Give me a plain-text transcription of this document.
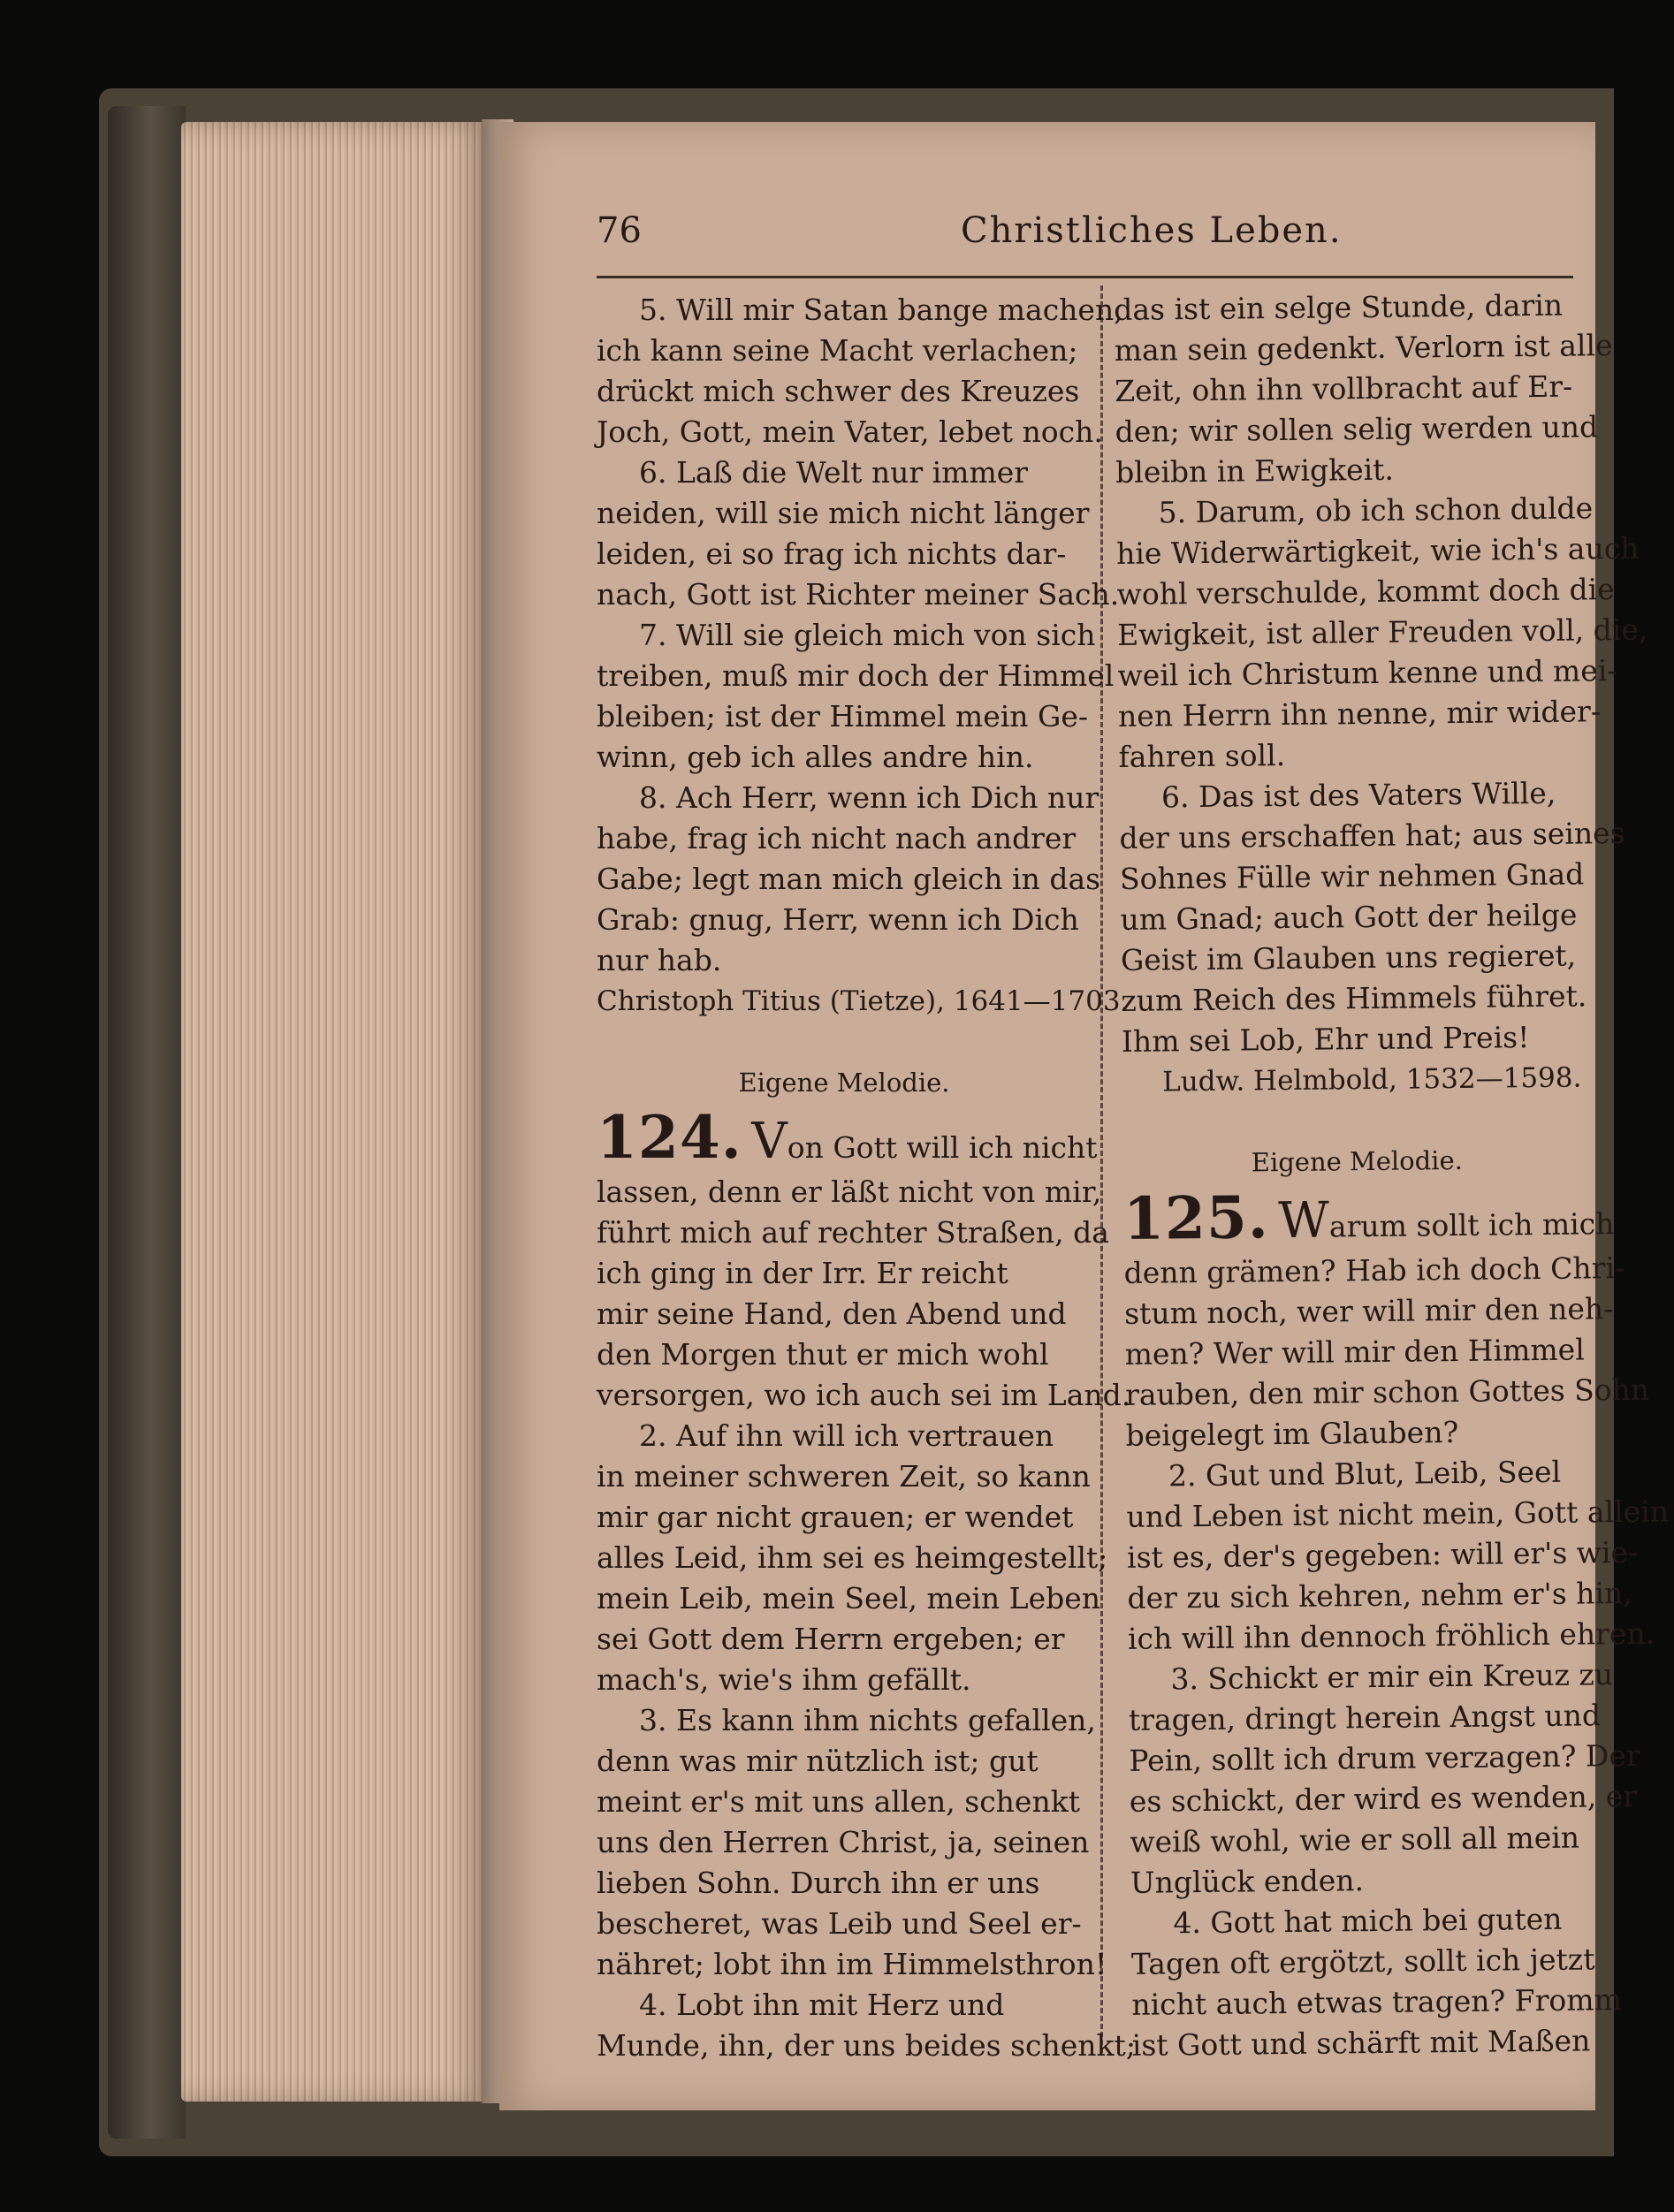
76	Christliches Leben.
5. Will mir Satan bange machen,
ich kann seine Macht verlachen;
drückt mich schwer des Kreuzes
Joch, Gott, mein Vater, lebet noch.
6. Laß die Welt nur immer
neiden, will sie mich nicht länger
leiden, ei so frag ich nichts dar-
nach, Gott ist Richter meiner Sach.
7. Will sie gleich mich von sich
treiben, muß mir doch der Himmel
bleiben; ist der Himmel mein Ge-
winn, geb ich alles andre hin.
8. Ach Herr, wenn ich Dich nur
habe, frag ich nicht nach andrer
Gabe; legt man mich gleich in das
Grab: gnug, Herr, wenn ich Dich
nur hab.
Christoph Titius (Tietze), 1641—1703.
Eigene Melodie.
124. Von Gott will ich nicht
lassen, denn er läßt nicht von mir,
führt mich auf rechter Straßen, da
ich ging in der Irr. Er reicht
mir seine Hand, den Abend und
den Morgen thut er mich wohl
versorgen, wo ich auch sei im Land.
2. Auf ihn will ich vertrauen
in meiner schweren Zeit, so kann
mir gar nicht grauen; er wendet
alles Leid, ihm sei es heimgestellt;
mein Leib, mein Seel, mein Leben
sei Gott dem Herrn ergeben; er
mach's, wie's ihm gefällt.
3. Es kann ihm nichts gefallen,
denn was mir nützlich ist; gut
meint er's mit uns allen, schenkt
uns den Herren Christ, ja, seinen
lieben Sohn. Durch ihn er uns
bescheret, was Leib und Seel er-
nähret; lobt ihn im Himmelsthron!
4. Lobt ihn mit Herz und
Munde, ihn, der uns beides schenkt;
das ist ein selge Stunde, darin
man sein gedenkt. Verlorn ist alle
Zeit, ohn ihn vollbracht auf Er-
den; wir sollen selig werden und
bleibn in Ewigkeit.
5. Darum, ob ich schon dulde
hie Widerwärtigkeit, wie ich's auch
wohl verschulde, kommt doch die
Ewigkeit, ist aller Freuden voll, die,
weil ich Christum kenne und mei-
nen Herrn ihn nenne, mir wider-
fahren soll.
6. Das ist des Vaters Wille,
der uns erschaffen hat; aus seines
Sohnes Fülle wir nehmen Gnad
um Gnad; auch Gott der heilge
Geist im Glauben uns regieret,
zum Reich des Himmels führet.
Ihm sei Lob, Ehr und Preis!
Ludw. Helmbold, 1532—1598.
Eigene Melodie.
125. Warum sollt ich mich
denn grämen? Hab ich doch Chri-
stum noch, wer will mir den neh-
men? Wer will mir den Himmel
rauben, den mir schon Gottes Sohn
beigelegt im Glauben?
2. Gut und Blut, Leib, Seel
und Leben ist nicht mein, Gott allein
ist es, der's gegeben: will er's wie-
der zu sich kehren, nehm er's hin,
ich will ihn dennoch fröhlich ehren.
3. Schickt er mir ein Kreuz zu
tragen, dringt herein Angst und
Pein, sollt ich drum verzagen? Der
es schickt, der wird es wenden, er
weiß wohl, wie er soll all mein
Unglück enden.
4. Gott hat mich bei guten
Tagen oft ergötzt, sollt ich jetzt
nicht auch etwas tragen? Fromm
ist Gott und schärft mit Maßen
